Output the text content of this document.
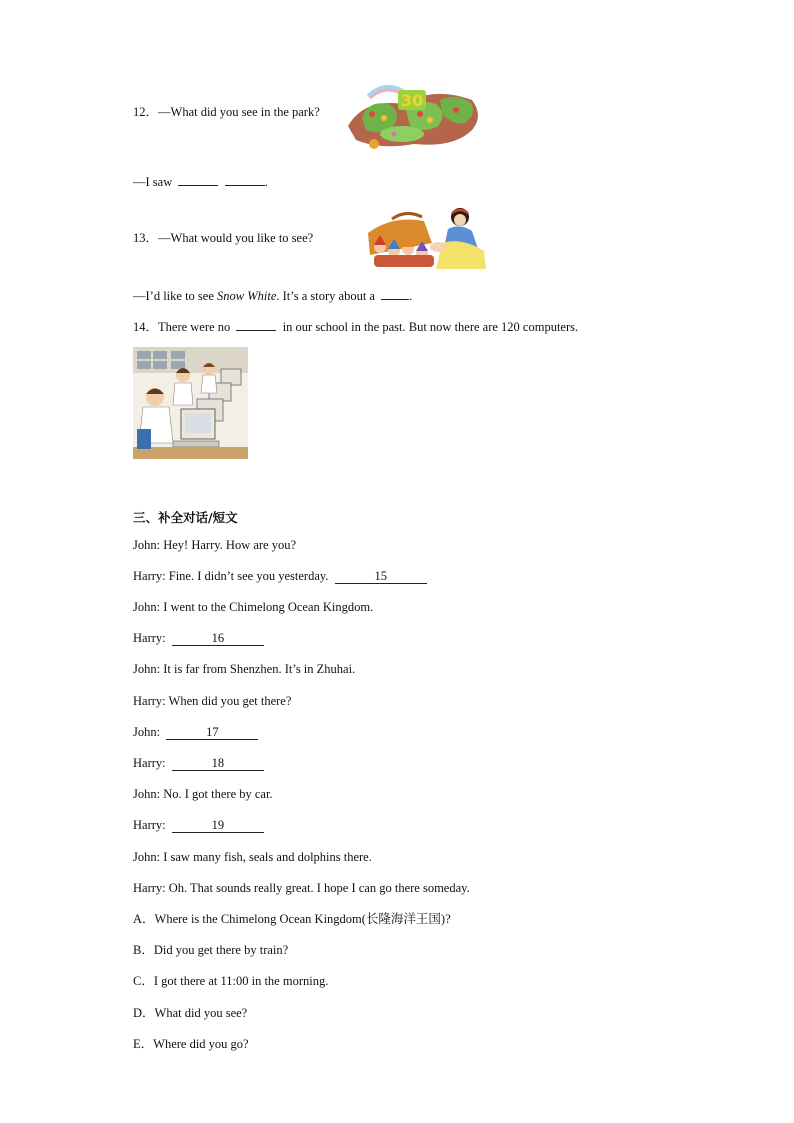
12．—What did you see in the park?
30
—I saw	.
13．—What would you like to see?
—I’d like to see Snow White. It’s a story about a	.
14．There were no	in our school in the past. But now there are 120 computers.
三、补全对话/短文
John: Hey! Harry. How are you?
Harry: Fine. I didn’t see you yesterday.	15
John: I went to the Chimelong Ocean Kingdom.
Harry:	16
John: It is far from Shenzhen. It’s in Zhuhai.
Harry: When did you get there?
John:	17
Harry:	18
John: No. I got there by car.
Harry:	19
John: I saw many fish, seals and dolphins there.
Harry: Oh. That sounds really great. I hope I can go there someday.
A．Where is the Chimelong Ocean Kingdom(长隆海洋王国)?
B．Did you get there by train?
C．I got there at 11:00 in the morning.
D．What did you see?
E．Where did you go?
